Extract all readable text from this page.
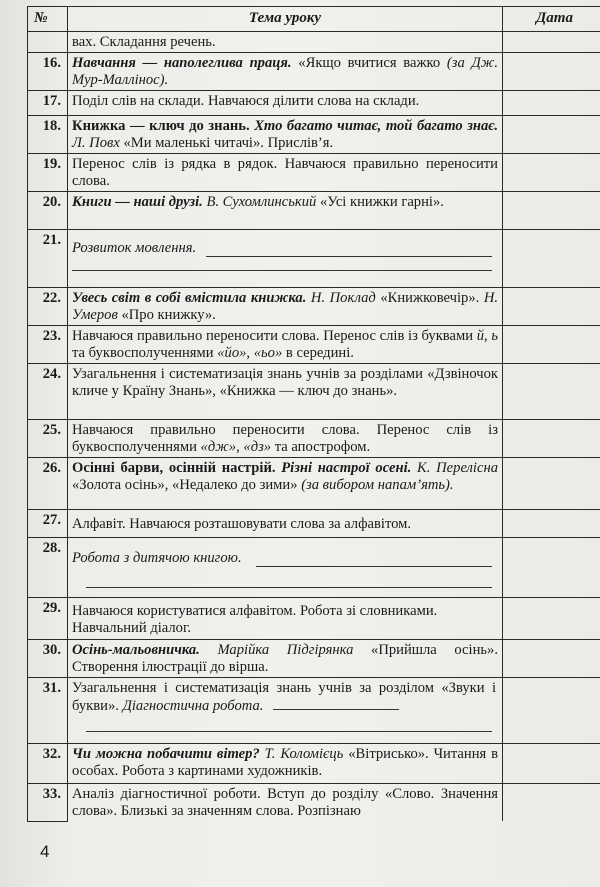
№	Тема уроку	Дата
	вах. Складання речень.	
16.	Навчання — наполеглива праця. «Якщо вчитися важко (за Дж. Мур-Маллінос).	
17.	Поділ слів на склади. Навчаюся ділити слова на склади.	
18.	Книжка — ключ до знань. Хто багато читає, той багато знає. Л. Повх «Ми маленькі читачі». Прислів’я.	
19.	Перенос слів із рядка в рядок. Навчаюся правильно переносити слова.	
20.	Книги — наші друзі. В. Сухомлинський «Усі книжки гарні».	
21.	Розвиток мовлення.	

22.	Увесь світ в собі вмістила книжка. Н. Поклад «Книжковечір». Н. Умеров «Про книжку».	
23.	Навчаюся правильно переносити слова. Перенос слів із буквами й, ь та буквосполученнями «йо», «ьо» в середині.	
24.	Узагальнення і систематизація знань учнів за розділами «Дзвіночок кличе у Країну Знань», «Книжка — ключ до знань».	
25.	Навчаюся правильно переносити слова. Перенос слів із буквосполученнями «дж», «дз» та апострофом.	
26.	Осінні барви, осінній настрій. Різні настрої осені. К. Перелісна «Золота осінь», «Недалеко до зими» (за вибором напам’ять).	
27.	Алфавіт. Навчаюся розташовувати слова за алфавітом.	
28.	Робота з дитячою книгою.	

29.	Навчаюся користуватися алфавітом. Робота зі словниками. Навчальний діалог.	
30.	Осінь-мальовничка. Марійка Підгірянка «Прийшла осінь». Створення ілюстрації до вірша.	
31.	Узагальнення і систематизація знань учнів за розділом «Звуки і букви». Діагностична робота.	

32.	Чи можна побачити вітер? Т. Коломієць «Вітрисько». Читання в особах. Робота з картинами художників.	
33.	Аналіз діагностичної роботи. Вступ до розділу «Слово. Значення слова». Близькі за значенням слова. Розпізнаю	
4
